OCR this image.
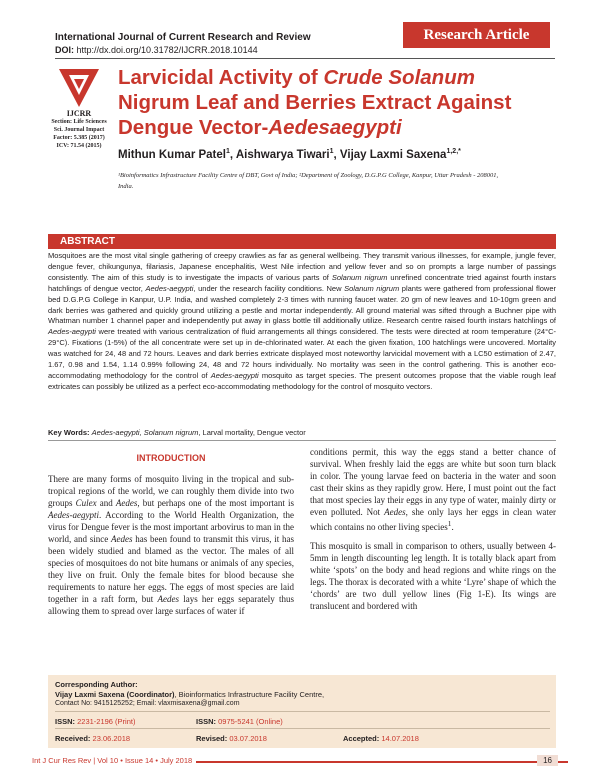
International Journal of Current Research and Review
DOI: http://dx.doi.org/10.31782/IJCRR.2018.10144
Research Article
IJCRR
Section: Life Sciences
Sci. Journal Impact Factor: 5.385 (2017)
ICV: 71.54 (2015)
Larvicidal Activity of Crude Solanum
Nigrum Leaf and Berries Extract Against
Dengue Vector-Aedesaegypti
Mithun Kumar Patel$^1$, Aishwarya Tiwari$^1$, Vijay Laxmi Saxena$^{1,2,*}$
¹Bioinformatics Infrastructure Facility Centre of DBT, Govt of India; ²Department of Zoology, D.G.P.G College, Kanpur, Uttar Pradesh - 208001,
India.
ABSTRACT
Mosquitoes are the most vital single gathering of creepy crawlies as far as general wellbeing. They transmit various illnesses, for example, jungle fever, dengue fever, chikungunya, filariasis, Japanese encephalitis, West Nile infection and yellow fever and so on prompts a large number of passings consistently. The aim of this study is to investigate the impacts of various parts of Solanum nigrum unrefined concentrate tried against fourth instars hatchlings of dengue vector, Aedes-aegypti, under the research facility conditions. New Solanum nigrum plants were gathered from professional flower bed D.G.P.G College in Kanpur, U.P. India, and washed completely 2-3 times with running faucet water. 20 gm of new leaves and 10-10gm green and dark berries was gathered and quickly ground utilizing a pestle and mortar independently. All ground material was sifted through a Buchner pipe with Whatman number 1 channel paper and independently put away in glass bottle till additionally utilize. Research centre raised fourth instars hatchlings of Aedes-aegypti were treated with various centralization of fluid arrangements all things considered. The tests were directed at room temperature (24°C-29°C). Fixations (1-5%) of the all concentrate were set up in de-chlorinated water. At each the given fixation, 100 hatchlings were uncovered. Mortality was watched for 24, 48 and 72 hours. Leaves and dark berries extricate displayed most noteworthy larvicidal movement with a LC50 estimation of 2.47, 1.67, 0.98 and 1.54, 1.14 0.99% following 24, 48 and 72 hours individually. No mortality was seen in the control gathering. This is another eco-accommodating methodology for the control of Aedes-aegypti mosquito as target species. The present outcomes propose that the viable rough leaf extricates can possibly be utilized as a perfect eco-accommodating methodology for the control of mosquito vectors.
Key Words: Aedes-aegypti, Solanum nigrum, Larval mortality, Dengue vector
INTRODUCTION
There are many forms of mosquito living in the tropical and sub-tropical regions of the world, we can roughly them divide into two groups Culex and Aedes, but perhaps one of the most important is Aedes-aegypti. According to the World Health Organization, the virus for Dengue fever is the most important arbovirus to man in the world, and since Aedes has been found to transmit this virus, it has been widely studied and blamed as the vector. The males of all species of mosquitoes do not bite humans or animals of any species, they live on fruit. Only the female bites for blood because she requirements to nature her eggs. The eggs of most species are laid together in a raft form, but Aedes lays her eggs separately thus allowing them to spread over large surfaces of water if

conditions permit, this way the eggs stand a better chance of survival. When freshly laid the eggs are white but soon turn black in color. The young larvae feed on bacteria in the water and soon cast their skins as they rapidly grow. Here, I must point out the fact that most species lay their eggs in any type of water, mainly dirty or even polluted. Not Aedes, she only lays her eggs in clean water which contains no other living species$^1$.

This mosquito is small in comparison to others, usually between 4-5mm in length discounting leg length. It is totally black apart from white ‘spots’ on the body and head regions and white rings on the legs. The thorax is decorated with a white ‘Lyre’ shape of which the ‘chords’ are two dull yellow lines (Fig 1-E). Its wings are translucent and bordered with

Corresponding Author:
Vijay Laxmi Saxena (Coordinator), Bioinformatics Infrastructure Facility Centre,
Contact No: 9415125252; Email: vlaxmisaxena@gmail.com
ISSN: 2231-2196 (Print)	ISSN: 0975-5241 (Online)
Received: 23.06.2018	Revised: 03.07.2018	Accepted: 14.07.2018
Int J Cur Res Rev | Vol 10 • Issue 14 • July 2018	16
